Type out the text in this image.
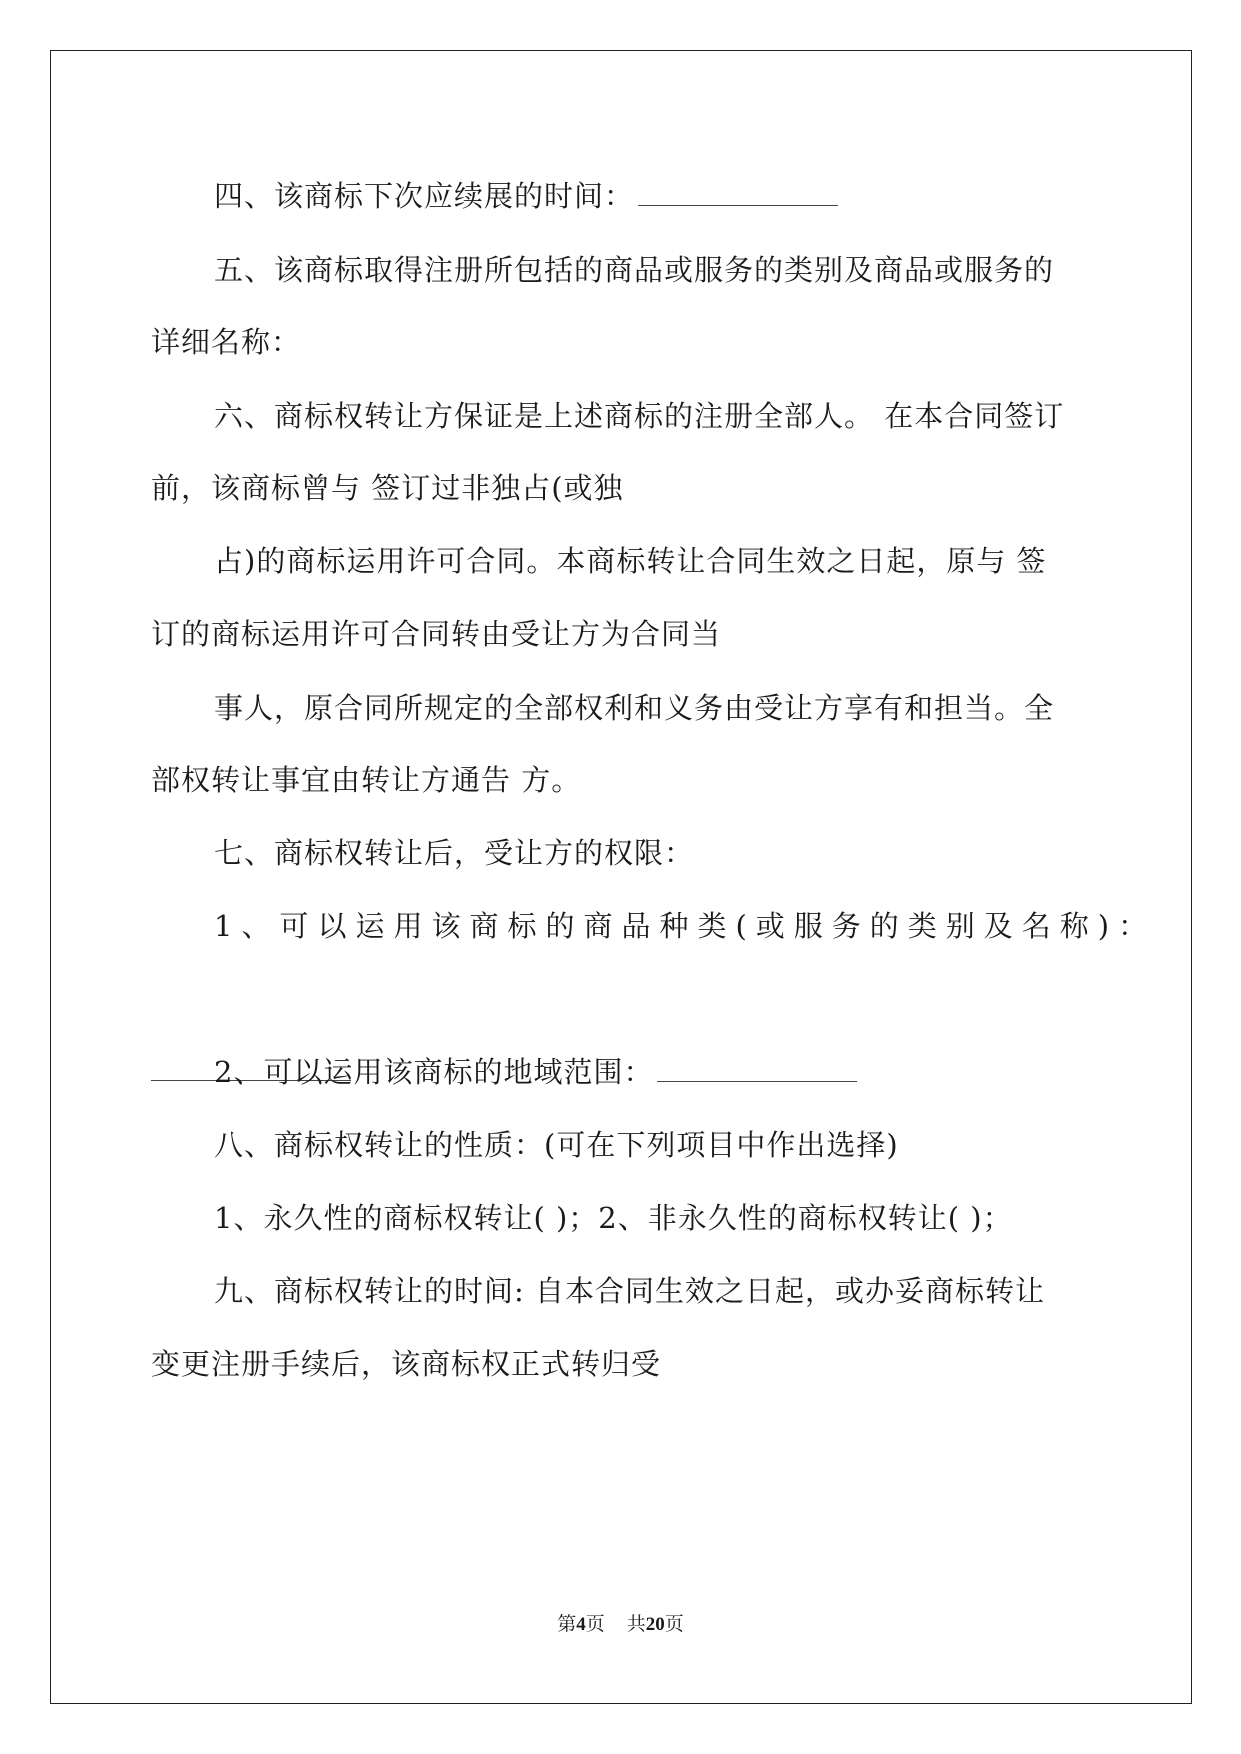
四、该商标下次应续展的时间：
五、该商标取得注册所包括的商品或服务的类别及商品或服务的
详细名称：
六、商标权转让方保证是上述商标的注册全部人。 在本合同签订
前，该商标曾与 签订过非独占(或独
占)的商标运用许可合同。本商标转让合同生效之日起，原与 签
订的商标运用许可合同转由受让方为合同当
事人，原合同所规定的全部权利和义务由受让方享有和担当。全
部权转让事宜由转让方通告 方。
七、商标权转让后，受让方的权限：
1、可以运用该商标的商品种类(或服务的类别及名称)：
2、可以运用该商标的地域范围：
八、商标权转让的性质：(可在下列项目中作出选择)
1、永久性的商标权转让( )；2、非永久性的商标权转让( )；
九、商标权转让的时间: 自本合同生效之日起，或办妥商标转让
变更注册手续后，该商标权正式转归受
第4页 共20页
